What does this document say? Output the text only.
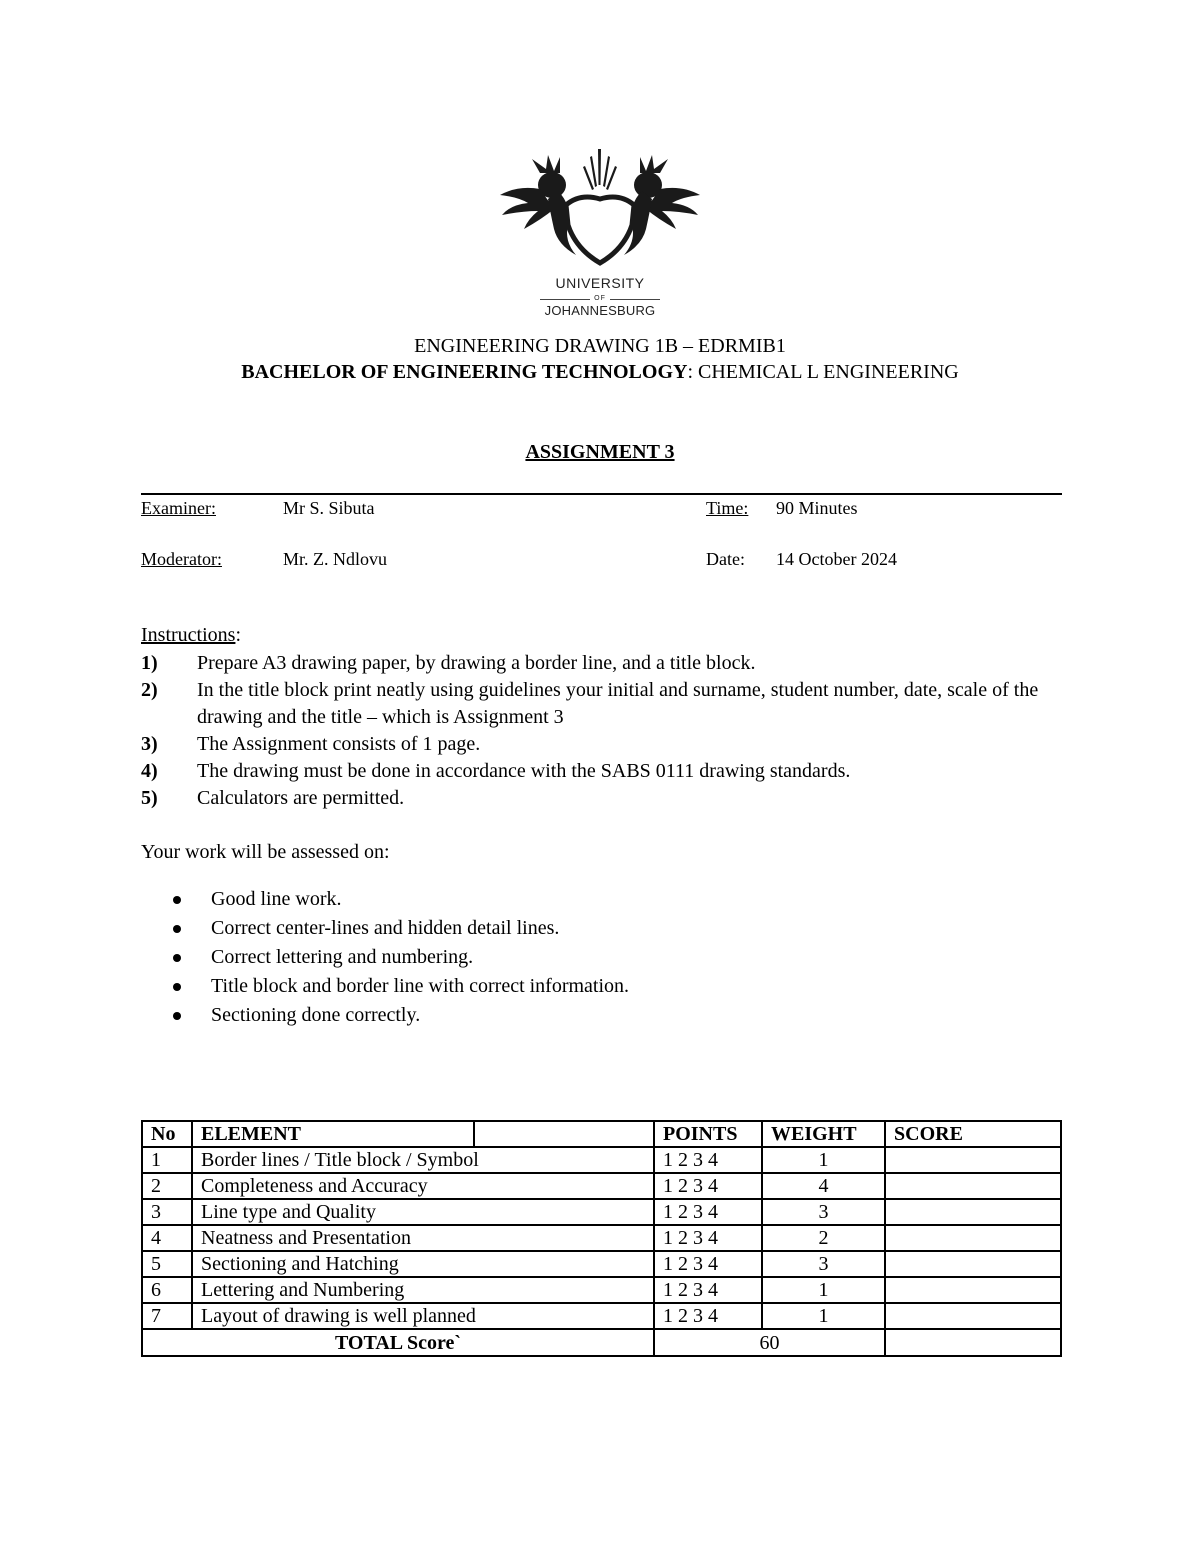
UNIVERSITY
OF
JOHANNESBURG
ENGINEERING DRAWING 1B – EDRMIB1
BACHELOR OF ENGINEERING TECHNOLOGY: CHEMICAL L ENGINEERING
ASSIGNMENT 3
Examiner:	Mr S. Sibuta	Time: 90 Minutes
Moderator:	Mr. Z. Ndlovu	Date: 14 October 2024
Instructions:
1) Prepare A3 drawing paper, by drawing a border line, and a title block.
2) In the title block print neatly using guidelines your initial and surname, student number, date, scale of the drawing and the title – which is Assignment 3
3) The Assignment consists of 1 page.
4) The drawing must be done in accordance with the SABS 0111 drawing standards.
5) Calculators are permitted.
Your work will be assessed on:
Good line work.
Correct center-lines and hidden detail lines.
Correct lettering and numbering.
Title block and border line with correct information.
Sectioning done correctly.
No	ELEMENT		POINTS	WEIGHT	SCORE
1	Border lines / Title block / Symbol		1 2 3 4	1	
2	Completeness and Accuracy		1 2 3 4	4	
3	Line type and Quality		1 2 3 4	3	
4	Neatness and Presentation		1 2 3 4	2	
5	Sectioning and Hatching		1 2 3 4	3	
6	Lettering and Numbering		1 2 3 4	1	
7	Layout of drawing is well planned		1 2 3 4	1	
TOTAL Score`			60		
